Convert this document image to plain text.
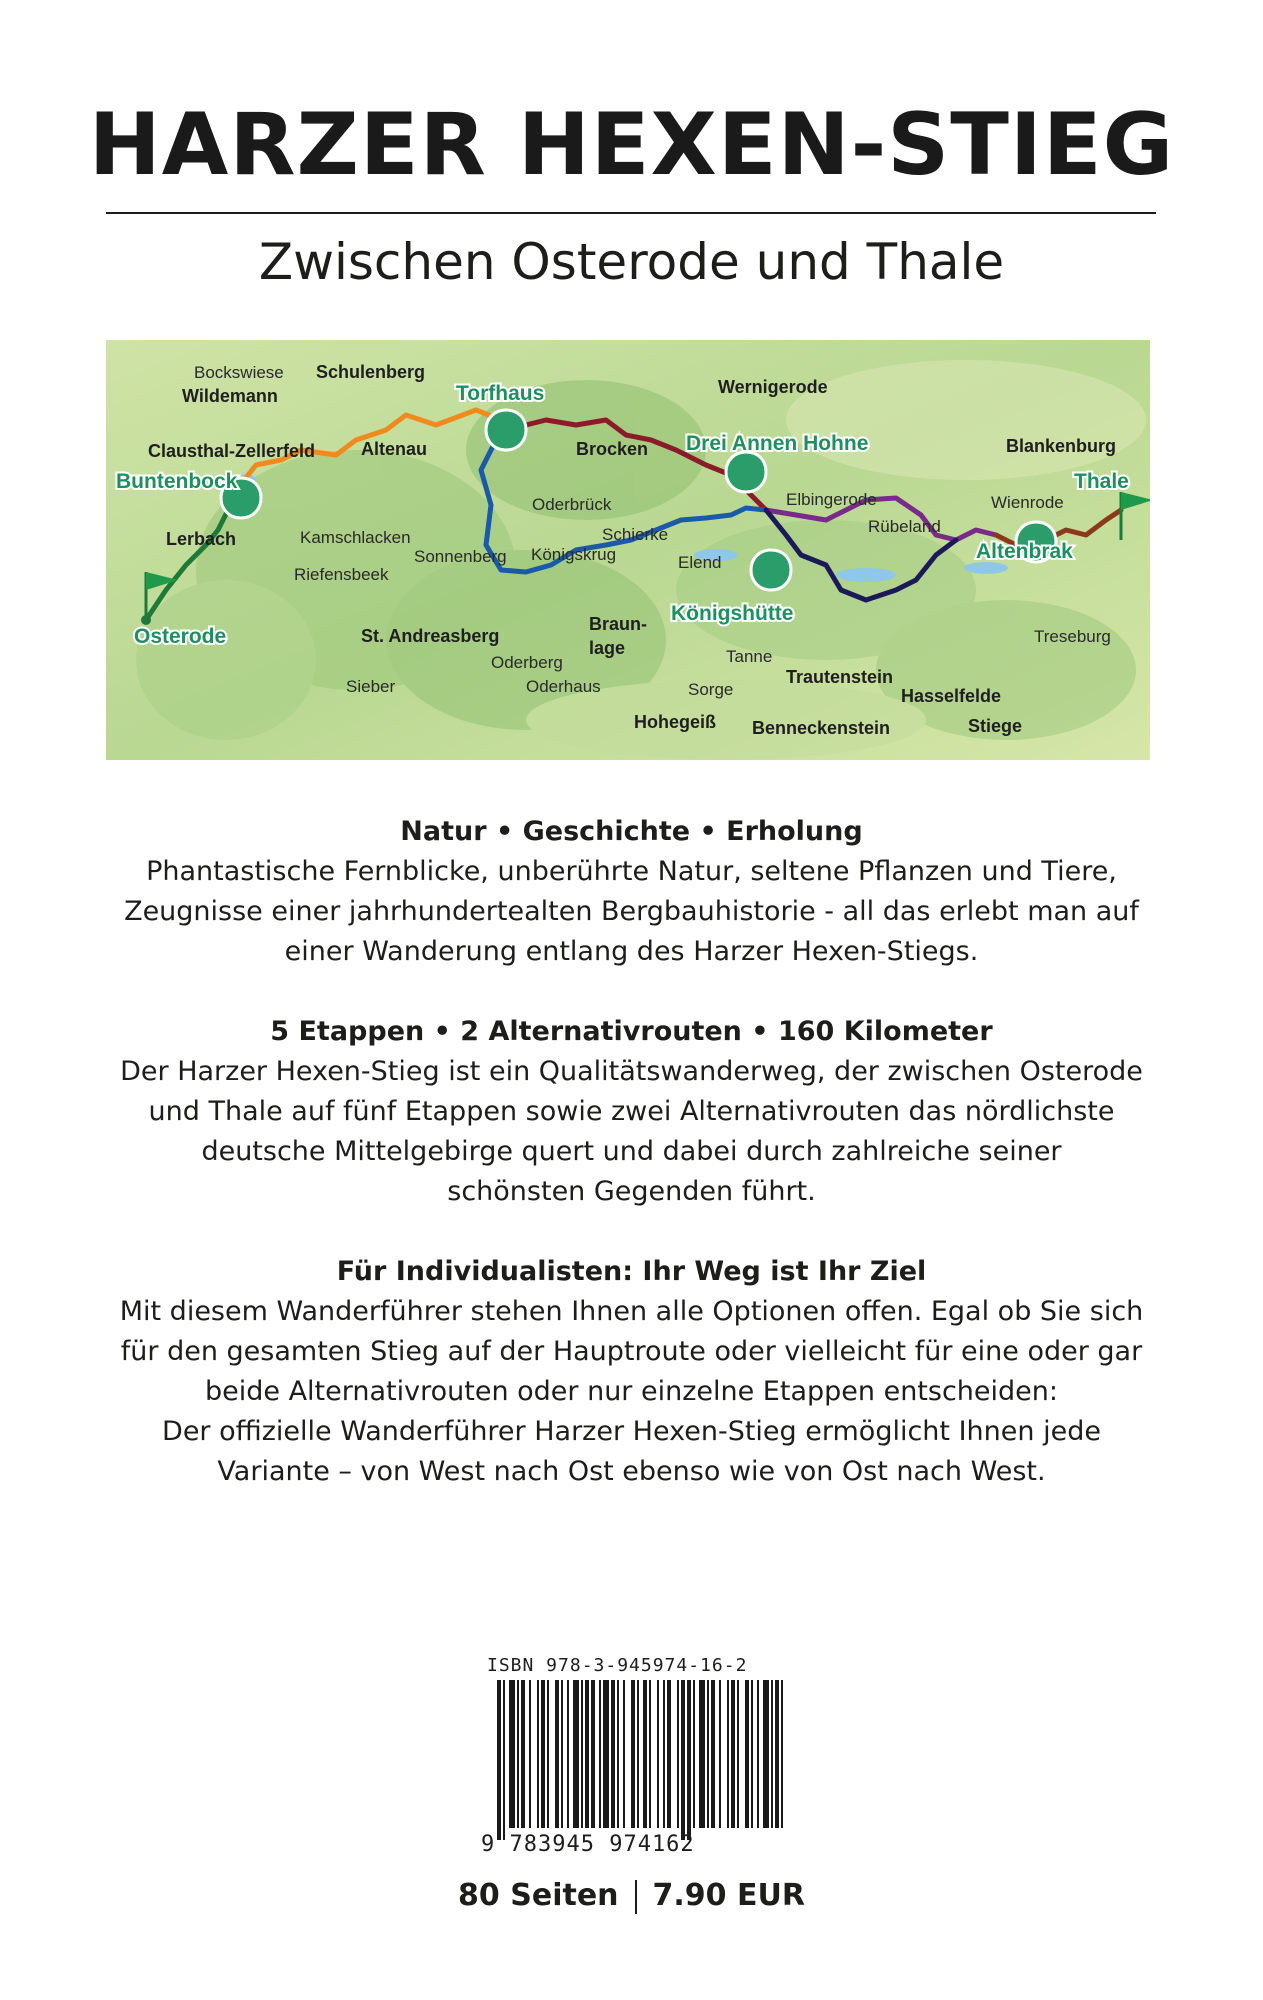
HARZER HEXEN-STIEG
Zwischen Osterode und Thale
Torfhaus
Drei Annen Hohne
Thale
Buntenbock
Altenbrak
Königshütte
Osterode
Bockswiese Schulenberg
Wildemann	Wernigerode
Clausthal-Zellerfeld	Altenau	Brocken	Blankenburg
Elbingerode	Wienrode
Oderbrück
Rübeland
Lerbach	Kamschlacken	Schierke
Sonnenberg Königskrug	Elend
Riefensbeek
Braun-
lage
St. Andreasberg	Treseburg
Oderberg	Tanne
Trautenstein
Sieber	Oderhaus	Sorge	Hasselfelde
Hohegeiß Benneckenstein	Stiege
Natur • Geschichte • Erholung

Phantastische Fernblicke, unberührte Natur, seltene Pflanzen und Tiere,

Zeugnisse einer jahrhundertealten Bergbauhistorie - all das erlebt man auf

einer Wanderung entlang des Harzer Hexen-Stiegs.

5 Etappen • 2 Alternativrouten • 160 Kilometer

Der Harzer Hexen-Stieg ist ein Qualitätswanderweg, der zwischen Osterode

und Thale auf fünf Etappen sowie zwei Alternativrouten das nördlichste

deutsche Mittelgebirge quert und dabei durch zahlreiche seiner

schönsten Gegenden führt.

Für Individualisten: Ihr Weg ist Ihr Ziel

Mit diesem Wanderführer stehen Ihnen alle Optionen offen. Egal ob Sie sich

für den gesamten Stieg auf der Hauptroute oder vielleicht für eine oder gar

beide Alternativrouten oder nur einzelne Etappen entscheiden:

Der offizielle Wanderführer Harzer Hexen-Stieg ermöglicht Ihnen jede

Variante – von West nach Ost ebenso wie von Ost nach West.

ISBN 978-3-945974-16-2
9 783945 974162
80 Seiten 7.90 EUR
